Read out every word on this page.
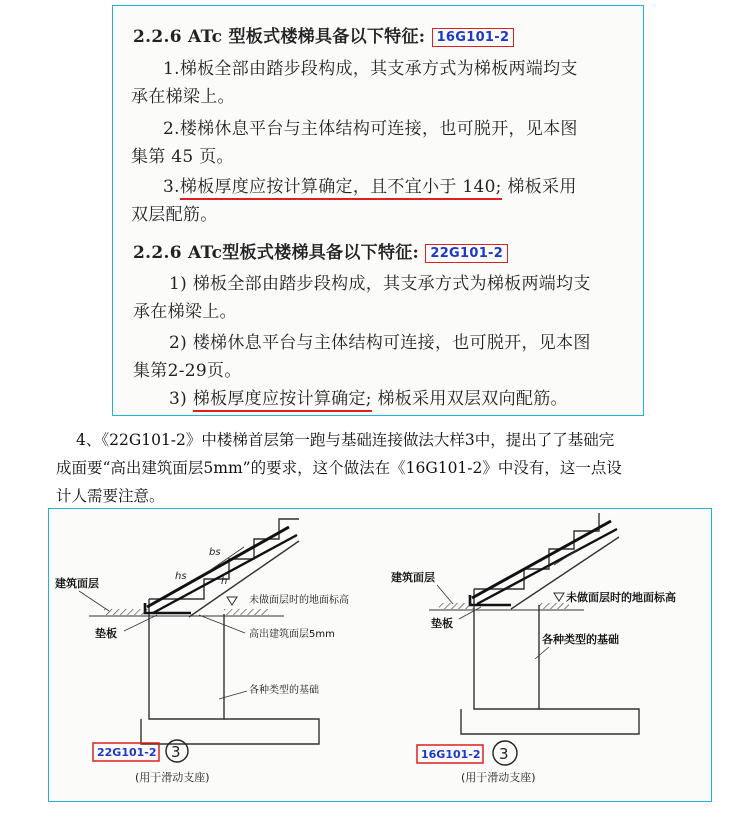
2.2.6 ATc 型板式楼梯具备以下特征: 16G101-2
1.梯板全部由踏步段构成，其支承方式为梯板两端均支
承在梯梁上。
2.楼梯休息平台与主体结构可连接，也可脱开，见本图
集第 45 页。
3.梯板厚度应按计算确定，且不宜小于 140; 梯板采用
双层配筋。
2.2.6 ATc型板式楼梯具备以下特征: 22G101-2
1) 梯板全部由踏步段构成，其支承方式为梯板两端均支
承在梯梁上。
2) 楼梯休息平台与主体结构可连接，也可脱开，见本图
集第2-29页。
3) 梯板厚度应按计算确定; 梯板采用双层双向配筋。
4、《22G101-2》中楼梯首层第一跑与基础连接做法大样3中，提出了了基础完
成面要“高出建筑面层5mm”的要求，这个做法在《16G101-2》中没有，这一点设
计人需要注意。
bs
hs	h
建筑面层
垫板
未做面层时的地面标高
高出建筑面层5mm
各种类型的基础
22G101-2 3
(用于滑动支座)
建筑面层
垫板
未做面层时的地面标高
各种类型的基础
16G101-2 3
(用于滑动支座)
